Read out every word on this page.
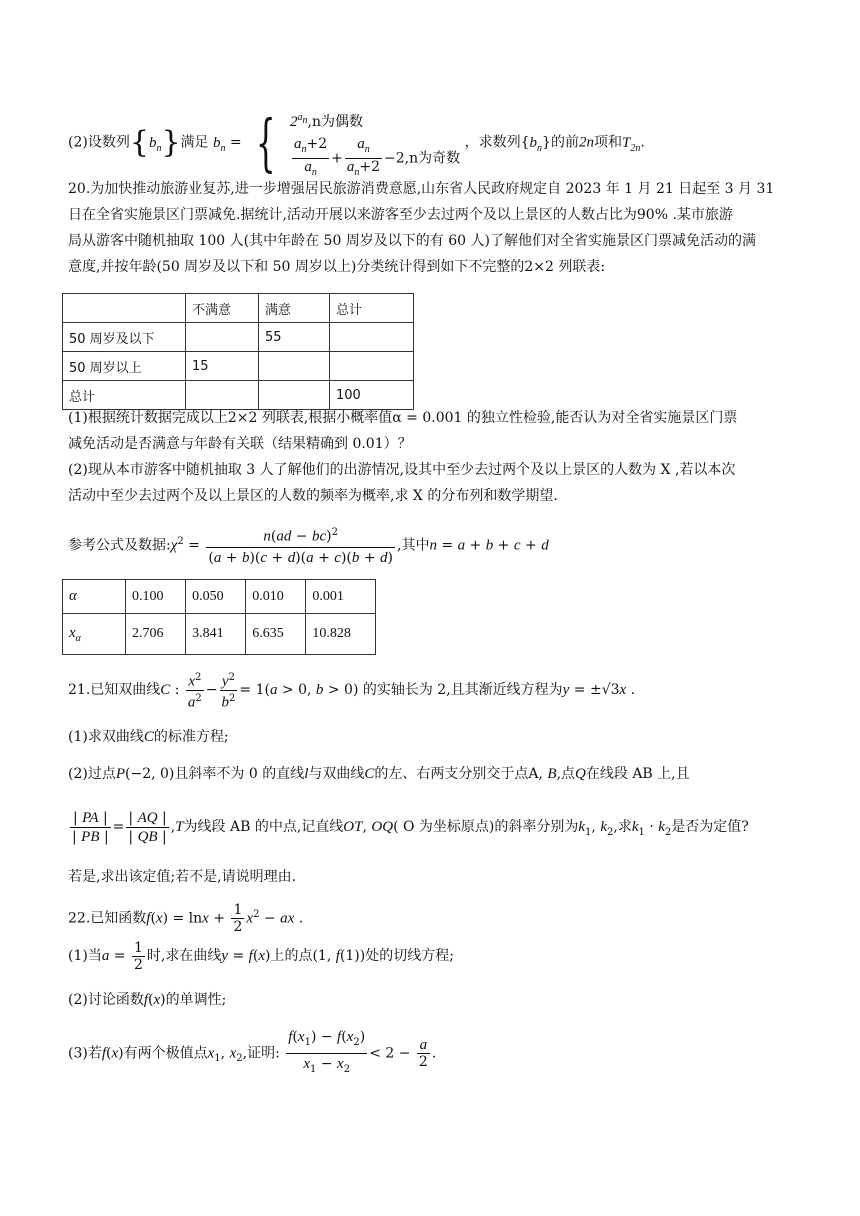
(2)设数列$\{b_n\}$满足 $b_n$ = { $2^{a_n},n$为偶数
$\frac{a_n+2}{a_n} + \frac{a_n}{a_n+2} -2,n$为奇数
，求数列$\{b_n\}$的前2n项和$T_{2n}$.
20.为加快推动旅游业复苏,进一步增强居民旅游消费意愿,山东省人民政府规定自 2023 年 1 月 21 日起至 3 月 31
日在全省实施景区门票减免.据统计,活动开展以来游客至少去过两个及以上景区的人数占比为90% .某市旅游
局从游客中随机抽取 100 人(其中年龄在 50 周岁及以下的有 60 人)了解他们对全省实施景区门票减免活动的满
意度,并按年龄(50 周岁及以下和 50 周岁以上)分类统计得到如下不完整的2×2 列联表:
	不满意	满意	总计
50 周岁及以下		55	
50 周岁以上	15		
总计			100
(1)根据统计数据完成以上2×2 列联表,根据小概率值α = 0.001 的独立性检验,能否认为对全省实施景区门票
减免活动是否满意与年龄有关联（结果精确到 0.01）？
(2)现从本市游客中随机抽取 3 人了解他们的出游情况,设其中至少去过两个及以上景区的人数为 X ,若以本次
活动中至少去过两个及以上景区的人数的频率为概率,求 X 的分布列和数学期望.
参考公式及数据$:\chi^2 = \frac{n(ad - bc)^2}{(a + b)(c + d)(a + c)(b + d)}$ ,其中n = a + b + c + d
α	0.100	0.050	0.010	0.001
$x_\alpha$	2.706	3.841	6.635	10.828
21.已知双曲线C : $\frac{x^2}{a^2} - \frac{y^2}{b^2} = 1(a > 0$, b > 0) 的实轴长为 2,且其渐近线方程为y = ±√3x .
(1)求双曲线C的标准方程;
(2)过点P(−2, 0)且斜率不为 0 的直线l与双曲线C的左、右两支分别交于点A, B,点Q在线段 AB 上,且
$\frac{| PA |}{| PB |} = \frac{| AQ |}{| QB |} ,T$为线段 AB 的中点,记直线OT, OQ( O 为坐标原点)的斜率分别为$k_1$, $k_2$,求$k_1 \cdot k_2$是否为定值?
若是,求出该定值;若不是,请说明理由.
22.已知函数$f(x) = \ln x + \frac{1}{2} x^2$ − ax .
(1)当$a = \frac{1}{2}$ 时,求在曲线y = f(x)上的点(1, f(1))处的切线方程;
(2)讨论函数f(x)的单调性;
(3)若f(x)有两个极值点$x_1$, $x_2$,证明: $\frac{f(x_1) - f(x_2)}{x_1 - x_2} < 2 - \frac{a}{2}$ .
